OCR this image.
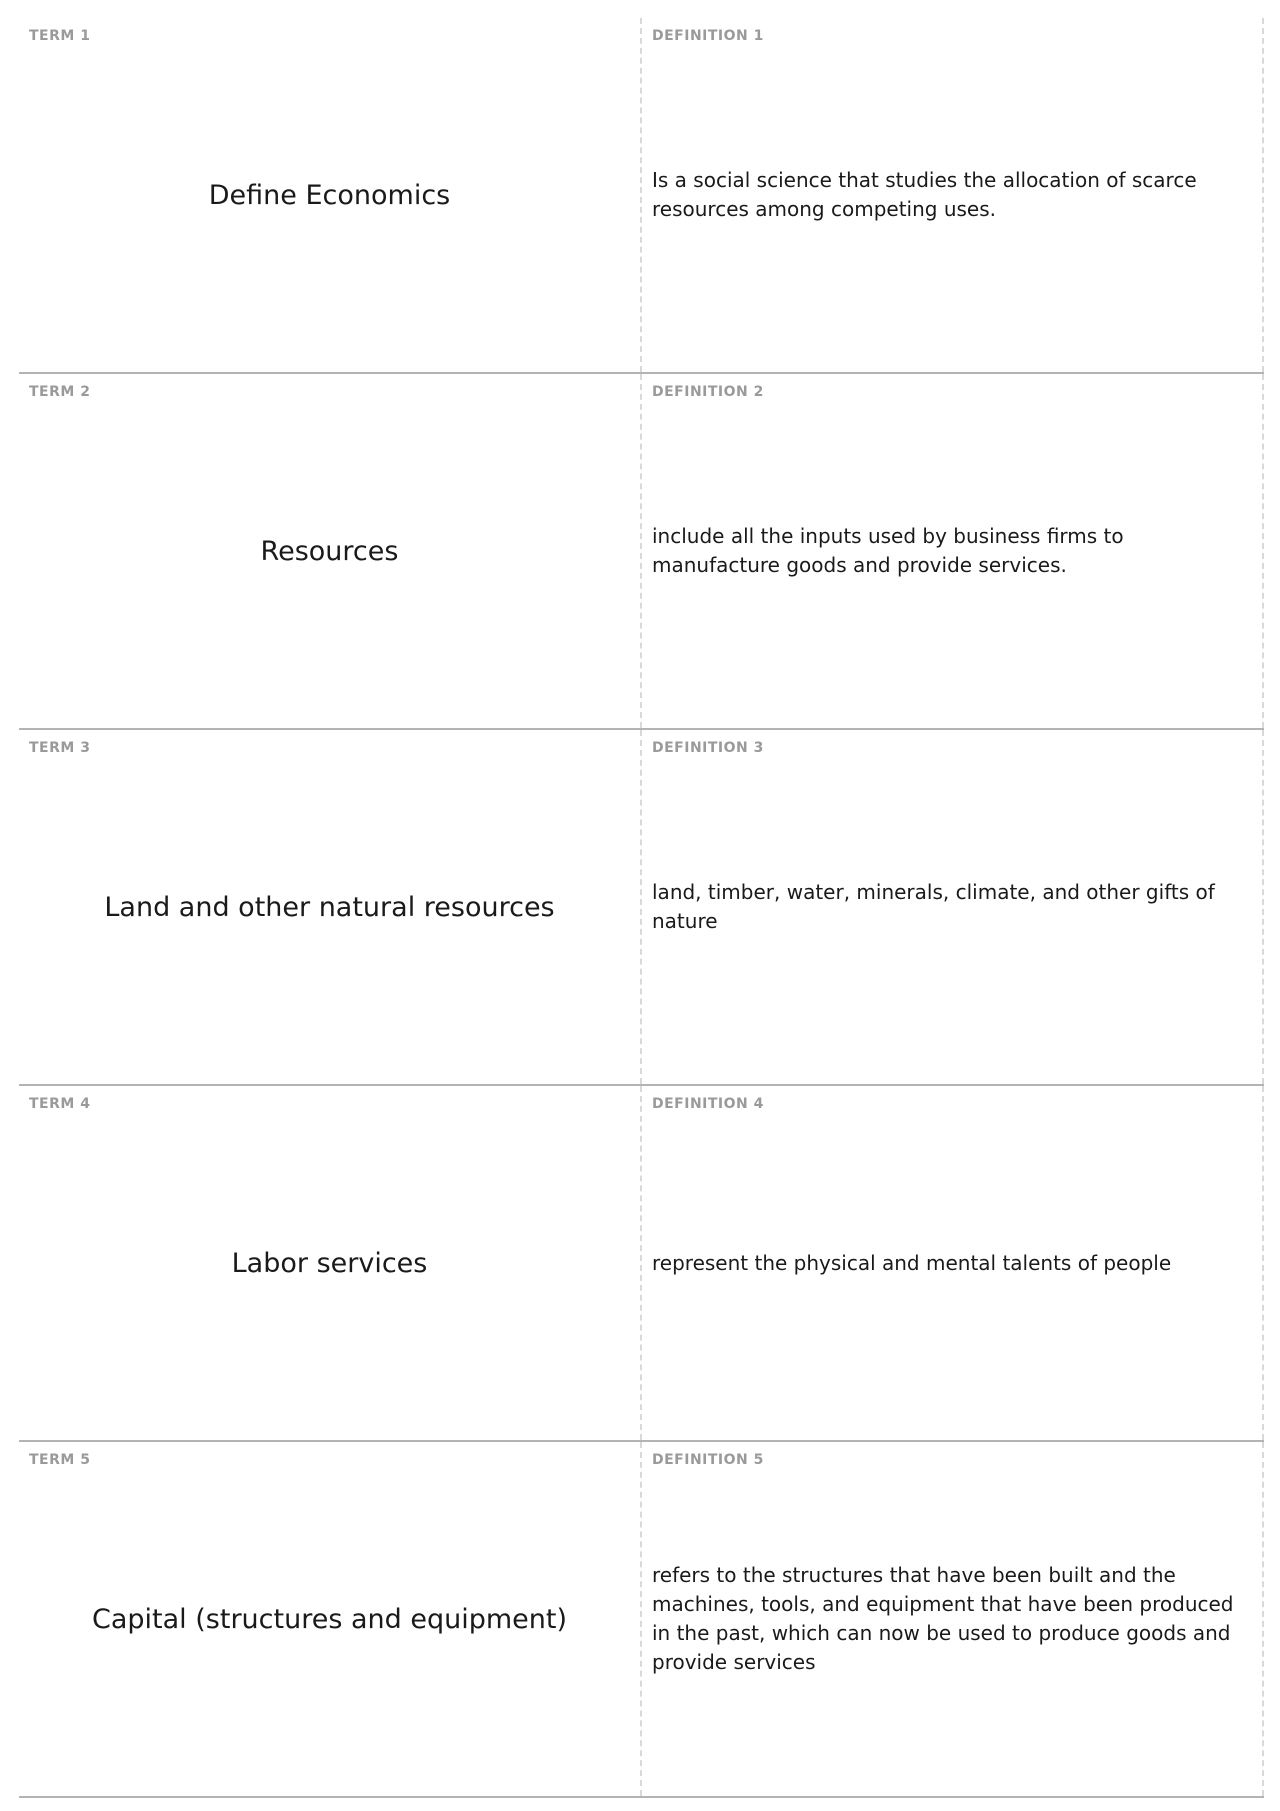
TERM 1
Define Economics
DEFINITION 1
Is a social science that studies the allocation of scarce resources among competing uses.
TERM 2
Resources
DEFINITION 2
include all the inputs used by business firms to manufacture goods and provide services.
TERM 3
Land and other natural resources
DEFINITION 3
land, timber, water, minerals, climate, and other gifts of nature
TERM 4
Labor services
DEFINITION 4
represent the physical and mental talents of people
TERM 5
Capital (structures and equipment)
DEFINITION 5
refers to the structures that have been built and the machines, tools, and equipment that have been produced in the past, which can now be used to produce goods and provide services
